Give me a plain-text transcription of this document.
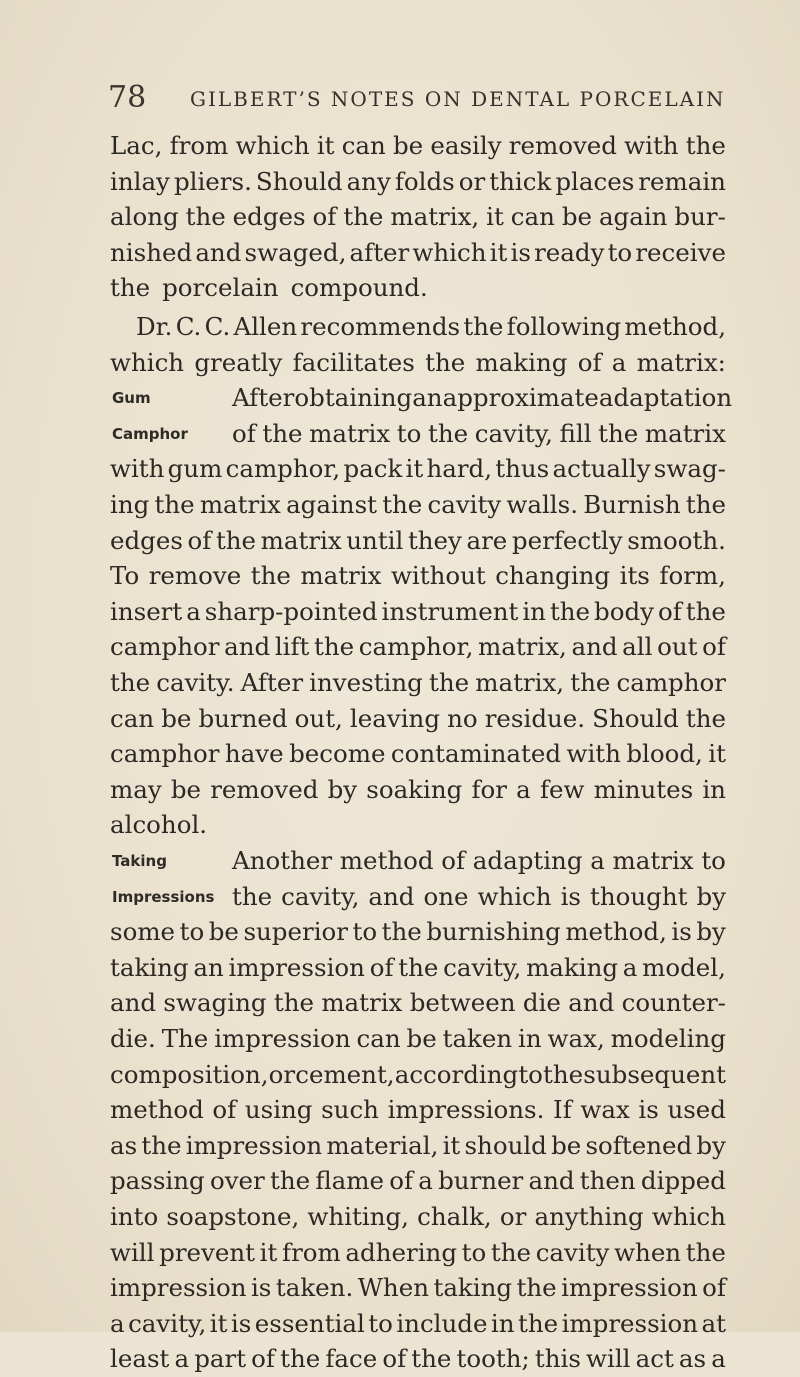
78 GILBERT’S NOTES ON DENTAL PORCELAIN
Gum
Camphor
Taking
Impressions
Lac, from which it can be easily removed with the
inlay pliers. Should any folds or thick places remain
along the edges of the matrix, it can be again bur-
nished and swaged, after which it is ready to receive
the porcelain compound.
Dr. C. C. Allen recommends the following method,
which greatly facilitates the making of a matrix:
After obtaining an approximate adaptation
of the matrix to the cavity, fill the matrix
with gum camphor, pack it hard, thus actually swag-
ing the matrix against the cavity walls. Burnish the
edges of the matrix until they are perfectly smooth.
To remove the matrix without changing its form,
insert a sharp-pointed instrument in the body of the
camphor and lift the camphor, matrix, and all out of
the cavity. After investing the matrix, the camphor
can be burned out, leaving no residue. Should the
camphor have become contaminated with blood, it
may be removed by soaking for a few minutes in
alcohol.
Another method of adapting a matrix to
the cavity, and one which is thought by
some to be superior to the burnishing method, is by
taking an impression of the cavity, making a model,
and swaging the matrix between die and counter-
die. The impression can be taken in wax, modeling
composition, or cement, according to the subsequent
method of using such impressions. If wax is used
as the impression material, it should be softened by
passing over the flame of a burner and then dipped
into soapstone, whiting, chalk, or anything which
will prevent it from adhering to the cavity when the
impression is taken. When taking the impression of
a cavity, it is essential to include in the impression at
least a part of the face of the tooth; this will act as a
